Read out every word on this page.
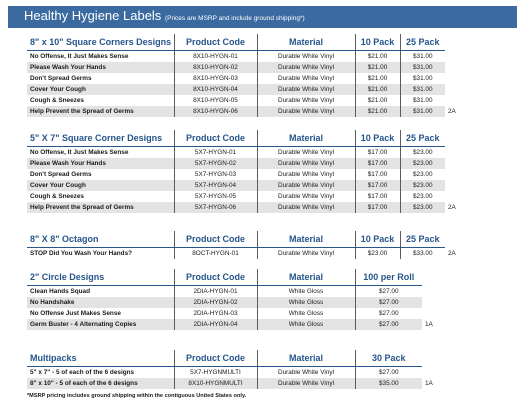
Healthy Hygiene Labels (Prices are MSRP and include ground shipping*)
8" x 10" Square Corners Designs	Product Code	Material	10 Pack	25 Pack	
No Offense, It Just Makes Sense	8X10-HYGN-01	Durable White Vinyl	$21.00	$31.00	
Please Wash Your Hands	8X10-HYGN-02	Durable White Vinyl	$21.00	$31.00	
Don't Spread Germs	8X10-HYGN-03	Durable White Vinyl	$21.00	$31.00	
Cover Your Cough	8X10-HYGN-04	Durable White Vinyl	$21.00	$31.00	
Cough & Sneezes	8X10-HYGN-05	Durable White Vinyl	$21.00	$31.00	
Help Prevent the Spread of Germs	8X10-HYGN-06	Durable White Vinyl	$21.00	$31.00	2A
5" X 7" Square Corner Designs	Product Code	Material	10 Pack	25 Pack	
No Offense, It Just Makes Sense	5X7-HYGN-01	Durable White Vinyl	$17.00	$23.00	
Please Wash Your Hands	5X7-HYGN-02	Durable White Vinyl	$17.00	$23.00	
Don't Spread Germs	5X7-HYGN-03	Durable White Vinyl	$17.00	$23.00	
Cover Your Cough	5X7-HYGN-04	Durable White Vinyl	$17.00	$23.00	
Cough & Sneezes	5X7-HYGN-05	Durable White Vinyl	$17.00	$23.00	
Help Prevent the Spread of Germs	5X7-HYGN-06	Durable White Vinyl	$17.00	$23.00	2A
8" X 8" Octagon	Product Code	Material	10 Pack	25 Pack	
STOP Did You Wash Your Hands?	8OCT-HYGN-01	Durable White Vinyl	$23.00	$33.00	2A
2" Circle Designs	Product Code	Material	100 per Roll	
Clean Hands Squad	2DIA-HYGN-01	White Gloss	$27.00	
No Handshake	2DIA-HYGN-02	White Gloss	$27.00	
No Offense Just Makes Sense	2DIA-HYGN-03	White Gloss	$27.00	
Germ Buster - 4 Alternating Copies	2DIA-HYGN-04	White Gloss	$27.00	1A
Multipacks	Product Code	Material	30 Pack	
5" x 7" - 5 of each of the 6 designs	5X7-HYGNMULTI	Durable White Vinyl	$27.00	
8" x 10" - 5 of each of the 6 designs	8X10-HYGNMULTI	Durable White Vinyl	$35.00	1A
*MSRP pricing includes ground shipping within the contiguous United States only.
